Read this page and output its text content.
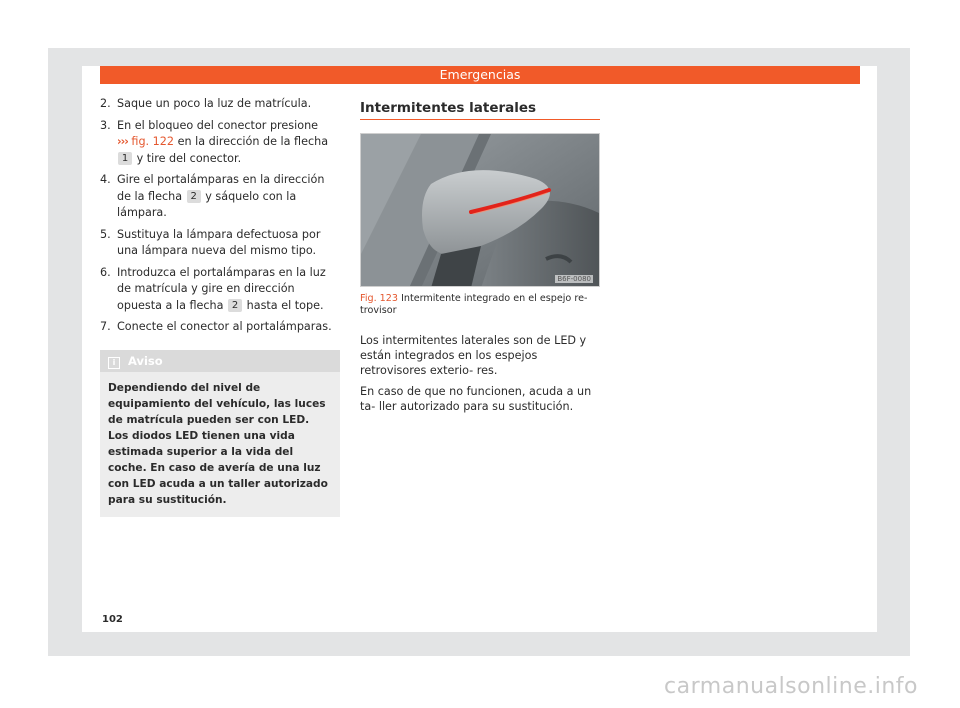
Emergencias
2. Saque un poco la luz de matrícula.
3. En el bloqueo del conector presione
››› fig. 122 en la dirección de la flecha 1 y tire del conector.
4. Gire el portalámparas en la dirección de la flecha 2 y sáquelo con la lámpara.
5. Sustituya la lámpara defectuosa por una lámpara nueva del mismo tipo.
6. Introduzca el portalámparas en la luz de matrícula y gire en dirección opuesta a la flecha 2 hasta el tope.
7. Conecte el conector al portalámparas.
i Aviso
Dependiendo del nivel de equipamiento del vehículo, las luces de matrícula pueden ser con LED. Los diodos LED tienen una vida estimada superior a la vida del coche. En caso de avería de una luz con LED acuda a un taller autorizado para su sustitución.
Intermitentes laterales
B6F-0080
Fig. 123 Intermitente integrado en el espejo re- trovisor

Los intermitentes laterales son de LED y están integrados en los espejos retrovisores exterio- res.

En caso de que no funcionen, acuda a un ta- ller autorizado para su sustitución.

102
carmanualsonline.info
